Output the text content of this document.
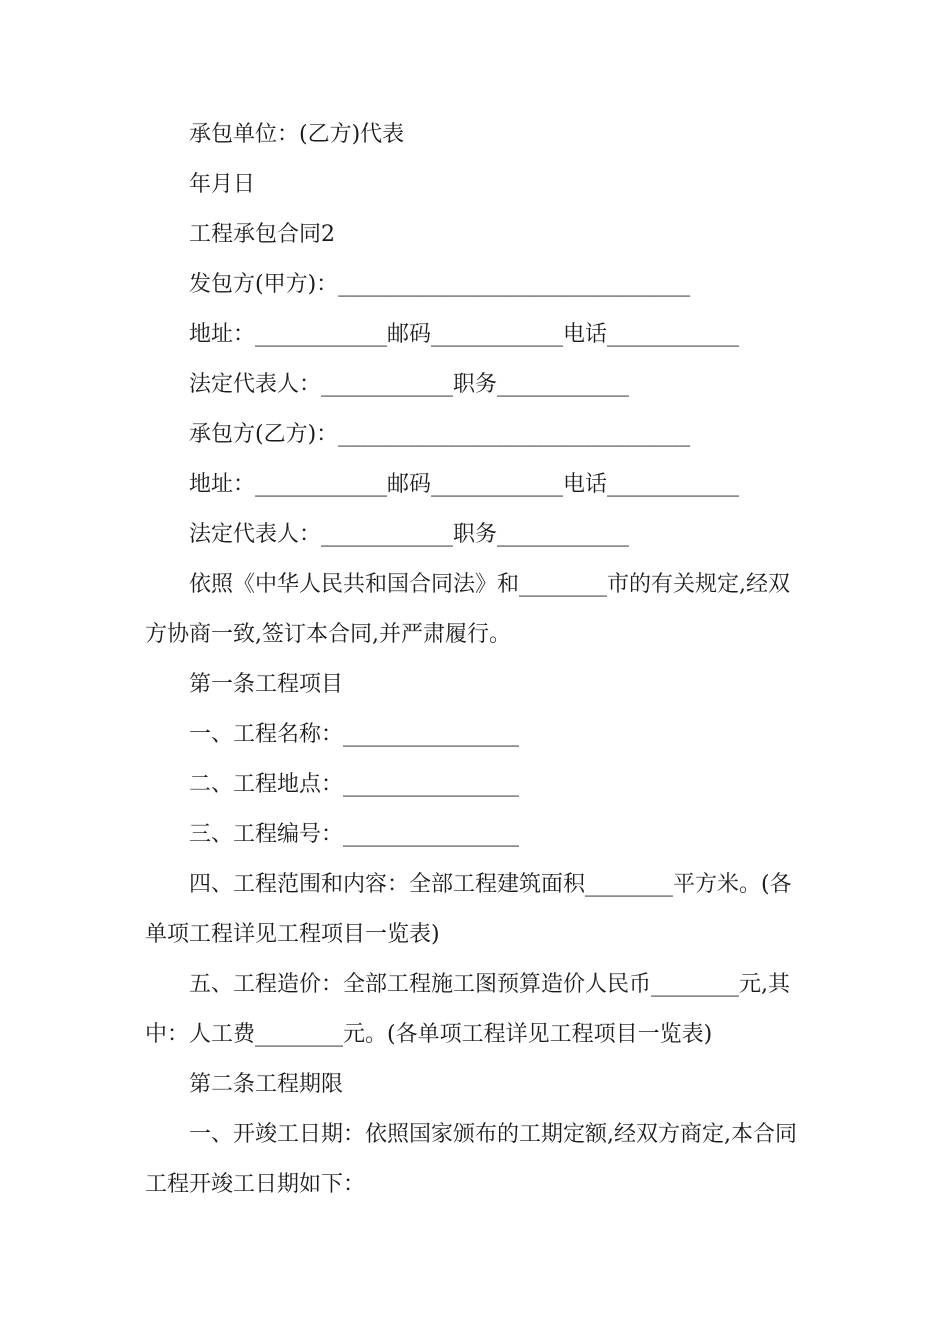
承包单位：(乙方)代表

年月日

工程承包合同2

发包方(甲方)：________________________________

地址：____________邮码____________电话____________

法定代表人：____________职务____________

承包方(乙方)：________________________________

地址：____________邮码____________电话____________

法定代表人：____________职务____________

依照《中华人民共和国合同法》和________市的有关规定,经双方协商一致,签订本合同,并严肃履行。

第一条工程项目

一、工程名称：________________

二、工程地点：________________

三、工程编号：________________

四、工程范围和内容：全部工程建筑面积________平方米。(各单项工程详见工程项目一览表)

五、工程造价：全部工程施工图预算造价人民币________元,其中：人工费________元。(各单项工程详见工程项目一览表)

第二条工程期限

一、开竣工日期：依照国家颁布的工期定额,经双方商定,本合同工程开竣工日期如下：
